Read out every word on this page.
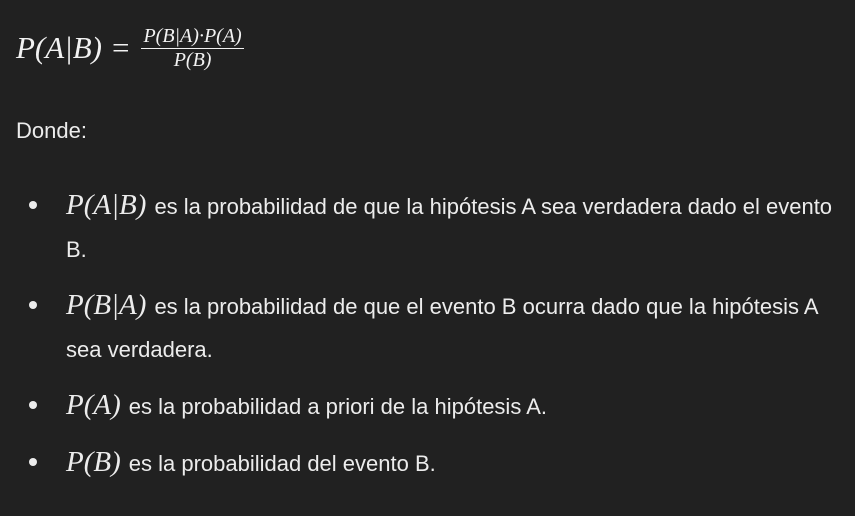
$P(A|B) = \frac{P(B|A)\cdot P(A)}{P(B)}$
Donde:
P(A|B) es la probabilidad de que la hipótesis A sea verdadera dado el evento B.
P(B|A) es la probabilidad de que el evento B ocurra dado que la hipótesis A sea verdadera.
P(A) es la probabilidad a priori de la hipótesis A.
P(B) es la probabilidad del evento B.
